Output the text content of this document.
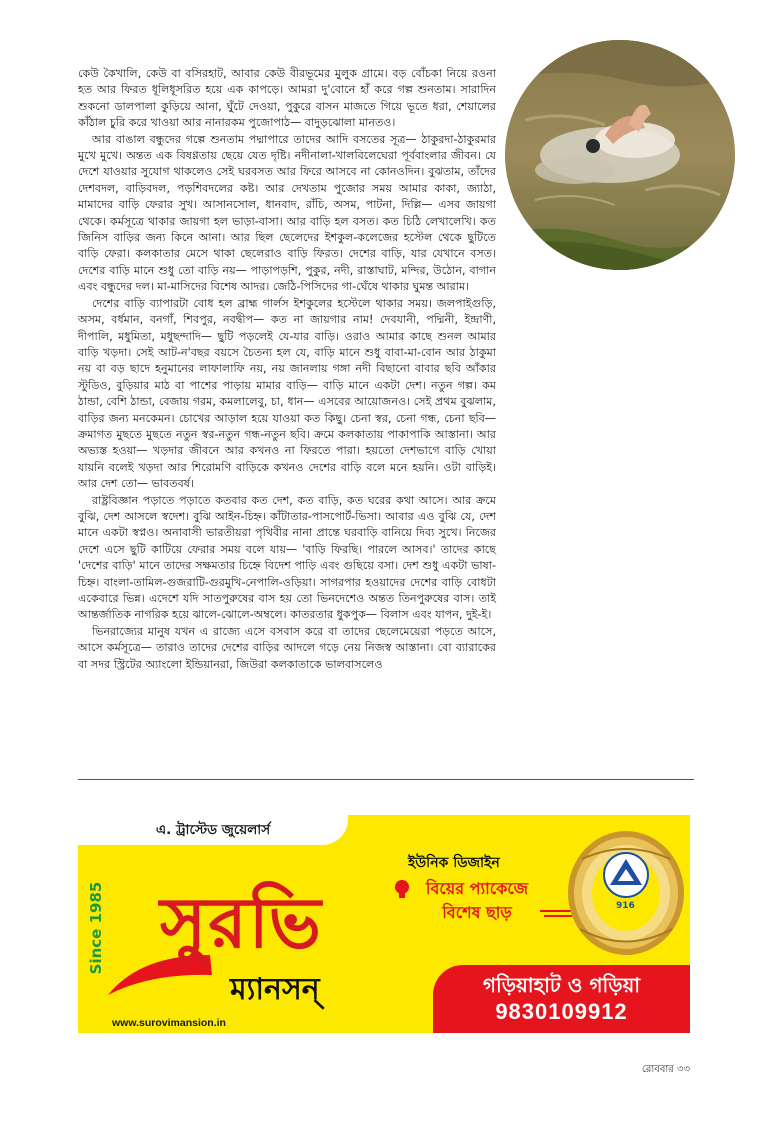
কেউ কৈখালি, কেউ বা বসিরহাট, আবার কেউ বীরভূমের মুলুক গ্রামে। বড় বোঁচকা নিয়ে রওনা হত আর ফিরত ধূলিধূসরিত হয়ে এক কাপড়ে। আমরা দু'বোনে হাঁ করে গল্প শুনতাম। সারাদিন শুকনো ডালপালা কুড়িয়ে আনা, ঘুঁটে দেওয়া, পুকুরে বাসন মাজতে গিয়ে ভূতে ধরা, শেয়ালের কাঁঠাল চুরি করে খাওয়া আর নানারকম পুজোপাঠ— বাদুড়ঝোলা মানতও।

আর বাঙাল বন্ধুদের গল্পে শুনতাম পদ্মাপারে তাদের আদি বসতের সূত্র— ঠাকুরদা-ঠাকুরমার মুখে মুখে। অন্তত এক বিষণ্ণতায় ছেয়ে যেত দৃষ্টি। নদীনালা-খালবিলেঘেরা পূর্ববাংলার জীবন। যে দেশে যাওয়ার সুযোগ থাকলেও সেই ঘরবসত আর ফিরে আসবে না কোনওদিন। বুঝতাম, তাঁদের দেশবদল, বাড়িবদল, পড়শিবদলের কষ্ট। আর দেখতাম পুজোর সময় আমার কাকা, জ্যাঠা, মামাদের বাড়ি ফেরার সুখ। আসানসোল, ধানবাদ, রাঁচি, অসম, পাটনা, দিল্লি— এসব জায়গা থেকে। কর্মসূত্রে থাকার জায়গা হল ভাড়া-বাসা। আর বাড়ি হল বসত। কত চিঠি লেখালেখি। কত জিনিস বাড়ির জন্য কিনে আনা। আর ছিল ছেলেদের ইশকুল-কলেজের হস্টেল থেকে ছুটিতে বাড়ি ফেরা। কলকাতার মেসে থাকা ছেলেরাও বাড়ি ফিরত। দেশের বাড়ি, যার যেখানে বসত। দেশের বাড়ি মানে শুধু তো বাড়ি নয়— পাড়াপড়শি, পুকুর, নদী, রাস্তাঘাট, মন্দির, উঠোন, বাগান এবং বন্ধুদের দল। মা-মাসিদের বিশেষ আদর। জেঠি-পিসিদের গা-ঘেঁষে থাকার ঘুমন্ত আরাম।

দেশের বাড়ি ব্যাপারটা বোধ হল ব্রাহ্ম গার্লস ইশকুলের হস্টেলে থাকার সময়। জলপাইগুড়ি, অসম, বর্ধমান, বনগাঁ, শিবপুর, নবদ্বীপ— কত না জায়গার নাম! দেবযানী, পদ্মিনী, ইন্দ্রাণী, দীপালি, মধুমিতা, মধুছন্দাদি— ছুটি পড়লেই যে-যার বাড়ি। ওরাও আমার কাছে শুনল আমার বাড়ি খড়দা। সেই আট-ন'বছর বয়সে চৈতন্য হল যে, বাড়ি মানে শুধু বাবা-মা-বোন আর ঠাকুমা নয় বা বড় ছাদে হনুমানের লাফালাফি নয়, নয় জানলায় গঙ্গা নদী বিছানো বাবার ছবি আঁকার স্টুডিও, বুড়িয়ার মাঠ বা পাশের পাড়ায় মামার বাড়ি— বাড়ি মানে একটা দেশ। নতুন গল্প। কম ঠান্ডা, বেশি ঠান্ডা, বেজায় গরম, কমলালেবু, চা, ধান— এসবের আয়োজনও। সেই প্রথম বুঝলাম, বাড়ির জন্য মনকেমন। চোখের আড়াল হয়ে যাওয়া কত কিছু। চেনা স্বর, চেনা গন্ধ, চেনা ছবি— ক্রমাগত মুছতে মুছতে নতুন স্বর-নতুন গন্ধ-নতুন ছবি। ক্রমে কলকাতায় পাকাপাকি আস্তানা। আর অভ্যস্ত হওয়া— খড়দার জীবনে আর কখনও না ফিরতে পারা। হয়তো দেশভাগে বাড়ি খোয়া যায়নি বলেই খড়দা আর শিরোমণি বাড়িকে কখনও দেশের বাড়ি বলে মনে হয়নি। ওটা বাড়িই। আর দেশ তো— ভাবতবর্ষ।

রাষ্ট্রবিজ্ঞান পড়াতে পড়াতে কতবার কত দেশ, কত বাড়ি, কত ঘরের কথা আসে। আর ক্রমে বুঝি, দেশ আসলে স্বদেশ। বুঝি আইন-চিহ্ন। কাঁটাতার-পাসপোর্ট-ভিসা। আবার এও বুঝি যে, দেশ মানে একটা স্বপ্নও। অনাবাসী ভারতীয়রা পৃথিবীর নানা প্রান্তে ঘরবাড়ি বানিয়ে দিব্য সুখে। নিজের দেশে এসে ছুটি কাটিয়ে ফেরার সময় বলে যায়— 'বাড়ি ফিরছি। পারলে আসব।' তাদের কাছে 'দেশের বাড়ি' মানে তাদের সক্ষমতার চিহ্নে বিদেশ পাড়ি এবং গুছিয়ে বসা। দেশ শুধু একটা ভাষা-চিহ্ন। বাংলা-তামিল-গুজরাটি-গুরমুখি-নেপালি-ওড়িয়া। সাগরপার হওয়াদের দেশের বাড়ি বোধটা একেবারে ভিন্ন। এদেশে যদি সাতপুরুষের বাস হয় তো ভিনদেশেও অন্তত তিনপুরুষের বাস। তাই আন্তর্জাতিক নাগরিক হয়ে ঝালে-ঝোলে-অম্বলে। কাতরতার ধুকপুক— বিলাস এবং যাপন, দুই-ই।

ভিনরাজ্যের মানুষ যখন এ রাজ্যে এসে বসবাস করে বা তাদের ছেলেমেয়েরা পড়তে আসে, আসে কর্মসূত্রে— তারাও তাদের দেশের বাড়ির আদলে গড়ে নেয় নিজস্ব আস্তানা। বো ব্যারাকের বা সদর স্ট্রিটের অ্যাংলো ইন্ডিয়ানরা, জিউরা কলকাতাকে ভালবাসলেও

এ. ট্রাস্টেড জুয়েলার্স
Since 1985 সুরভি
ম্যানসন্
www.surovimansion.in
ইউনিক ডিজাইন
বিয়ের প্যাকেজে
বিশেষ ছাড়	916
গড়িয়াহাট ও গড়িয়া
9830109912
রোববার ৩৩
